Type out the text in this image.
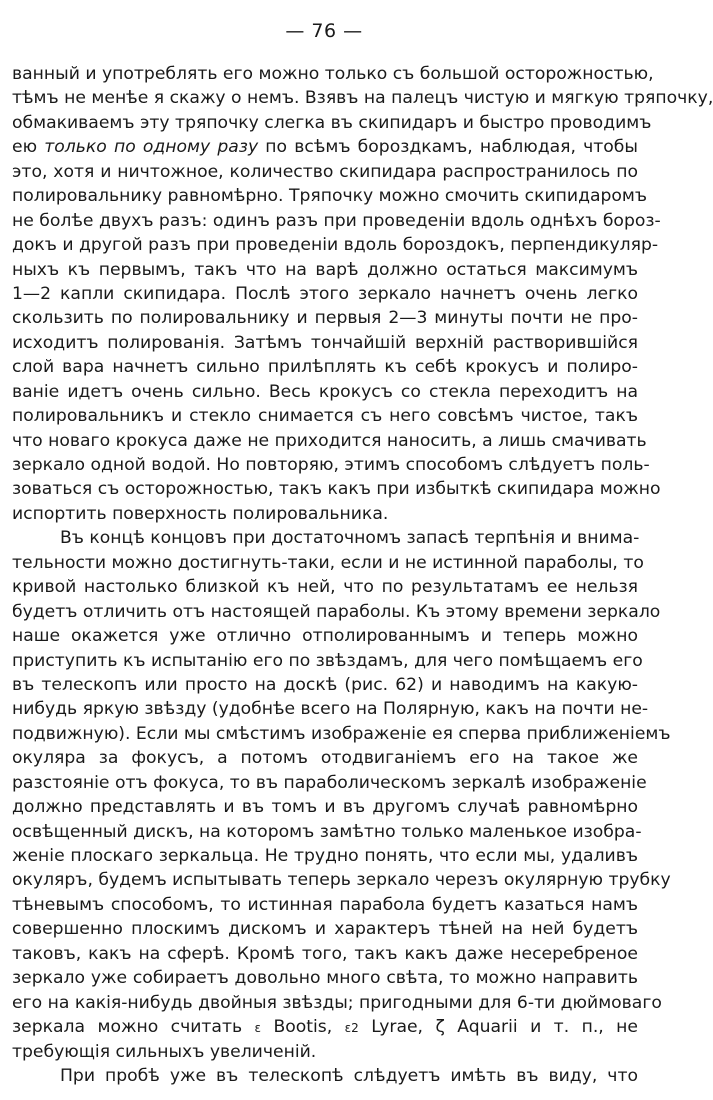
— 76 —
ванный и употреблять его можно только съ большой осторожностью,
тѣмъ не менѣе я скажу о немъ. Взявъ на палецъ чистую и мягкую тряпочку,
обмакиваемъ эту тряпочку слегка въ скипидаръ и быстро проводимъ
ею только по одному разу по всѣмъ бороздкамъ, наблюдая, чтобы
это, хотя и ничтожное, количество скипидара распространилось по
полировальнику равномѣрно. Тряпочку можно смочить скипидаромъ
не болѣе двухъ разъ: одинъ разъ при проведеніи вдоль однѣхъ бороз-
докъ и другой разъ при проведеніи вдоль бороздокъ, перпендикуляр-
ныхъ къ первымъ, такъ что на варѣ должно остаться максимумъ
1—2 капли скипидара. Послѣ этого зеркало начнетъ очень легко
скользить по полировальнику и первыя 2—3 минуты почти не про-
исходитъ полированія. Затѣмъ тончайшій верхній растворившійся
слой вара начнетъ сильно прилѣплять къ себѣ крокусъ и полиро-
ваніе идетъ очень сильно. Весь крокусъ со стекла переходитъ на
полировальникъ и стекло снимается съ него совсѣмъ чистое, такъ
что новаго крокуса даже не приходится наносить, а лишь смачивать
зеркало одной водой. Но повторяю, этимъ способомъ слѣдуетъ поль-
зоваться съ осторожностью, такъ какъ при избыткѣ скипидара можно
испортить поверхность полировальника.
Въ концѣ концовъ при достаточномъ запасѣ терпѣнія и внима-
тельности можно достигнуть-таки, если и не истинной параболы, то
кривой настолько близкой къ ней, что по результатамъ ее нельзя
будетъ отличить отъ настоящей параболы. Къ этому времени зеркало
наше окажется уже отлично отполированнымъ и теперь можно
приступить къ испытанію его по звѣздамъ, для чего помѣщаемъ его
въ телескопъ или просто на доскѣ (рис. 62) и наводимъ на какую-
нибудь яркую звѣзду (удобнѣе всего на Полярную, какъ на почти не-
подвижную). Если мы смѣстимъ изображеніе ея сперва приближеніемъ
окуляра за фокусъ, а потомъ отодвиганіемъ его на такое же
разстояніе отъ фокуса, то въ параболическомъ зеркалѣ изображеніе
должно представлять и въ томъ и въ другомъ случаѣ равномѣрно
освѣщенный дискъ, на которомъ замѣтно только маленькое изобра-
женіе плоскаго зеркальца. Не трудно понять, что если мы, удаливъ
окуляръ, будемъ испытывать теперь зеркало черезъ окулярную трубку
тѣневымъ способомъ, то истинная парабола будетъ казаться намъ
совершенно плоскимъ дискомъ и характеръ тѣней на ней будетъ
таковъ, какъ на сферѣ. Кромѣ того, такъ какъ даже несеребреное
зеркало уже собираетъ довольно много свѣта, то можно направить
его на какія-нибудь двойныя звѣзды; пригодными для 6-ти дюймоваго
зеркала можно считать ε Bootis, ε2 Lyrae, ζ Aquarii и т. п., не
требующія сильныхъ увеличеній.
При пробѣ уже въ телескопѣ слѣдуетъ имѣть въ виду, что
